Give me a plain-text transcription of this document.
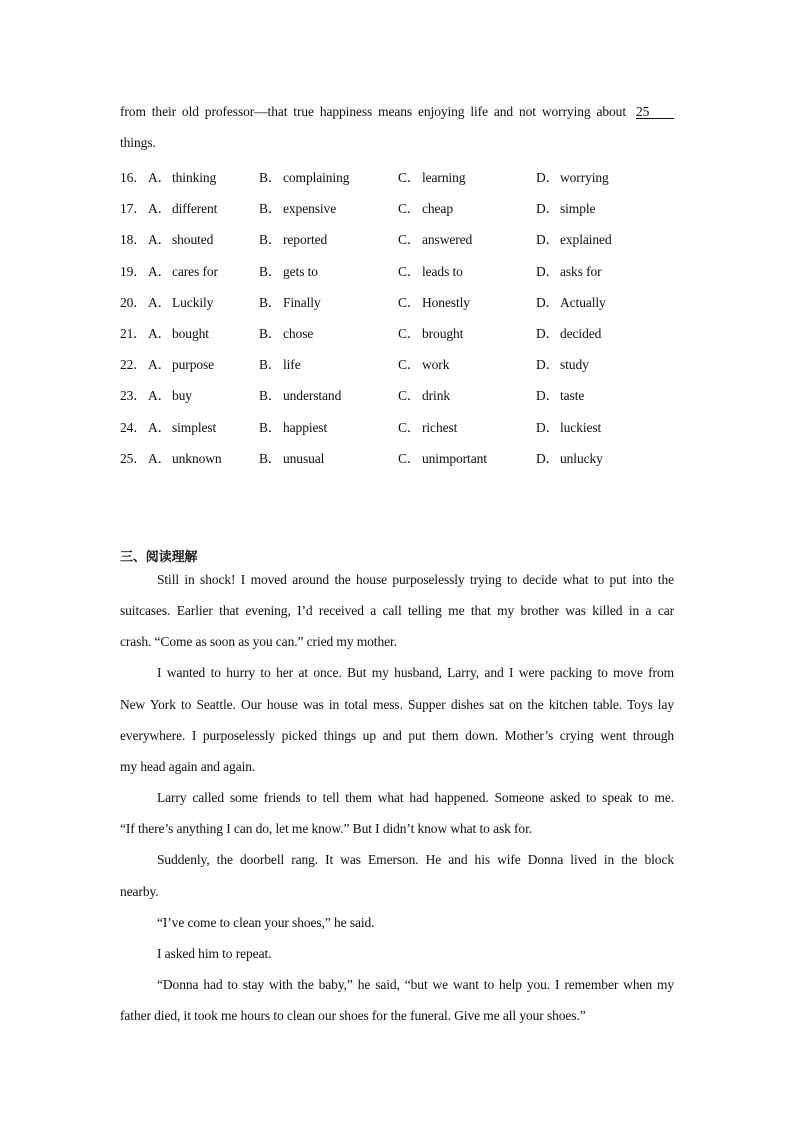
from their old professor—that true happiness means enjoying life and not worrying about 25
things.
16． A．thinking	B． complaining	C． learning	D．worrying
17． A．different	B． expensive	C． cheap	D．simple
18． A．shouted	B． reported	C． answered	D．explained
19． A．cares for	B． gets to	C． leads to	D．asks for
20． A．Luckily	B． Finally	C． Honestly	D．Actually
21． A．bought	B． chose	C． brought	D．decided
22． A．purpose	B． life	C． work	D．study
23． A．buy	B． understand	C． drink	D．taste
24． A．simplest	B． happiest	C． richest	D．luckiest
25． A．unknown	B． unusual	C． unimportant	D．unlucky
三、阅读理解
Still in shock! I moved around the house purposelessly trying to decide what to put into the
suitcases. Earlier that evening, I’d received a call telling me that my brother was killed in a car
crash. “Come as soon as you can.” cried my mother.
I wanted to hurry to her at once. But my husband, Larry, and I were packing to move from
New York to Seattle. Our house was in total mess. Supper dishes sat on the kitchen table. Toys lay
everywhere. I purposelessly picked things up and put them down. Mother’s crying went through
my head again and again.
Larry called some friends to tell them what had happened. Someone asked to speak to me.
“If there’s anything I can do, let me know.” But I didn’t know what to ask for.
Suddenly, the doorbell rang. It was Emerson. He and his wife Donna lived in the block
nearby.
“I’ve come to clean your shoes,” he said.
I asked him to repeat.
“Donna had to stay with the baby,” he said, “but we want to help you. I remember when my
father died, it took me hours to clean our shoes for the funeral. Give me all your shoes.”
